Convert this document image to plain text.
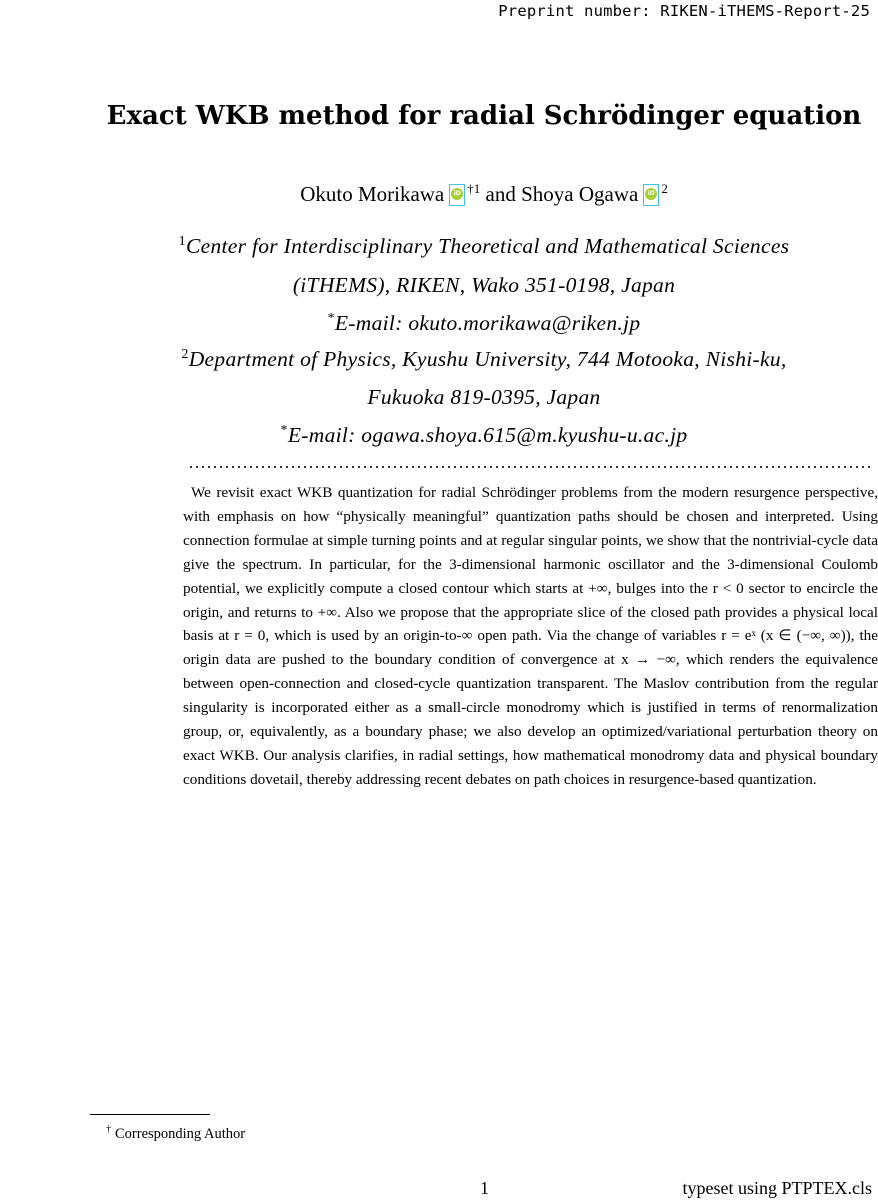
Preprint number: RIKEN-iTHEMS-Report-25
Exact WKB method for radial Schrödinger equation
Okuto Morikawa	iD $^{\dagger 1}$ and Shoya Ogawa	iD $^2$
$^1$Center for Interdisciplinary Theoretical and Mathematical Sciences
(iTHEMS), RIKEN, Wako 351-0198, Japan
*E-mail: okuto.morikawa@riken.jp
$^2$Department of Physics, Kyushu University, 744 Motooka, Nishi-ku,
Fukuoka 819-0395, Japan
*E-mail: ogawa.shoya.615@m.kyushu-u.ac.jp
We revisit exact WKB quantization for radial Schrödinger problems from the modern resurgence perspective, with emphasis on how “physically meaningful” quantization paths should be chosen and interpreted. Using connection formulae at simple turning points and at regular singular points, we show that the nontrivial-cycle data give the spectrum. In particular, for the 3-dimensional harmonic oscillator and the 3-dimensional Coulomb potential, we explicitly compute a closed contour which starts at +∞, bulges into the r < 0 sector to encircle the origin, and returns to +∞. Also we propose that the appropriate slice of the closed path provides a physical local basis at r = 0, which is used by an origin-to-∞ open path. Via the change of variables r = eˣ (x ∈ (−∞, ∞)), the origin data are pushed to the boundary condition of convergence at x → −∞, which renders the equivalence between open-connection and closed-cycle quantization transparent. The Maslov contribution from the regular singularity is incorporated either as a small-circle monodromy which is justified in terms of renormalization group, or, equivalently, as a boundary phase; we also develop an optimized/variational perturbation theory on exact WKB. Our analysis clarifies, in radial settings, how mathematical monodromy data and physical boundary conditions dovetail, thereby addressing recent debates on path choices in resurgence-based quantization.
† Corresponding Author
1	typeset using PTPTEX.cls
